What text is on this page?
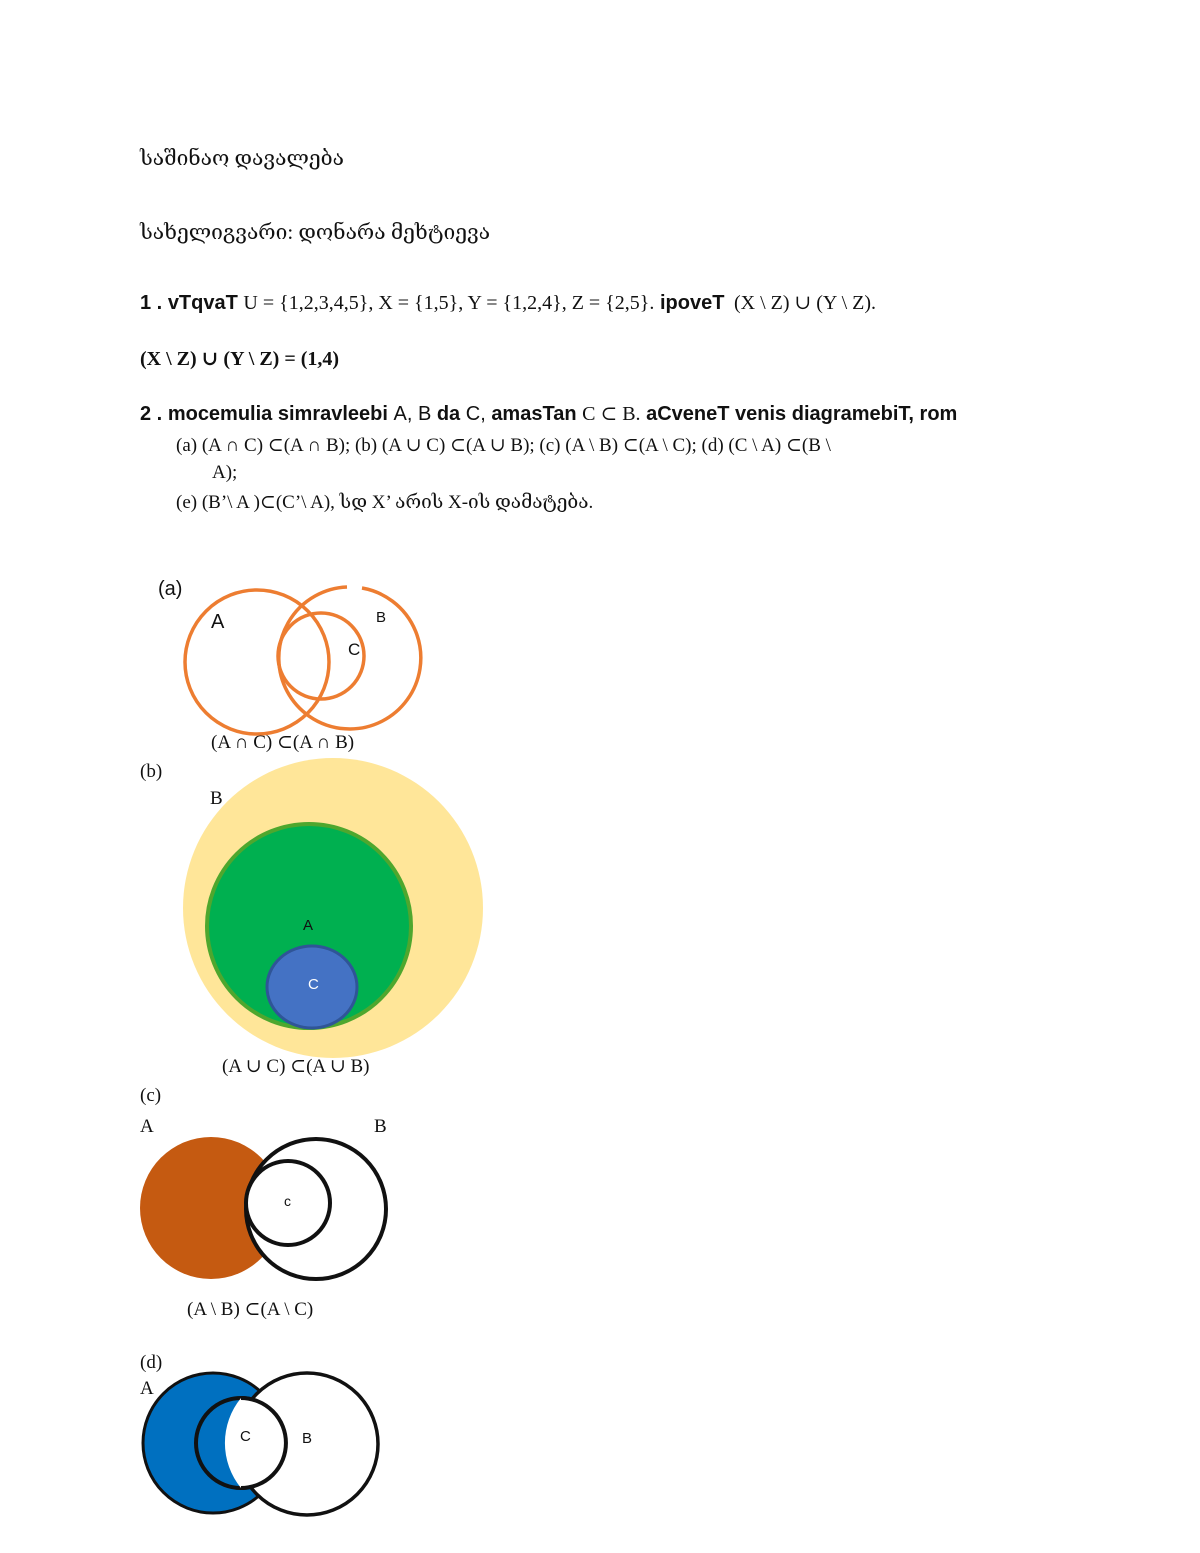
საშინაო დავალება
სახელიგვარი: დონარა მეხტიევა
1 . vTqvaT U = {1,2,3,4,5}, X = {1,5}, Y = {1,2,4}, Z = {2,5}. ipoveT (X \ Z) ∪ (Y \ Z).
(X \ Z) ∪ (Y \ Z) = (1,4)
2 . mocemulia simravleebi A, B da C, amasTan C ⊂ B. aCveneT venis diagramebiT, rom
(a) (A ∩ C) ⊂(A ∩ B); (b) (A ∪ C) ⊂(A ∪ B); (c) (A \ B) ⊂(A \ C); (d) (C \ A) ⊂(B \
A);
(e) (B’\ A )⊂(C’\ A), სდ X’ არის X-ის დამატება.
(a)
A	B
C
(A ∩ C) ⊂(A ∩ B)
(b)
B
A
C
(A ∪ C) ⊂(A ∪ B)
(c)
A	B
c
(A \ B) ⊂(A \ C)
(d)
A
C	B
